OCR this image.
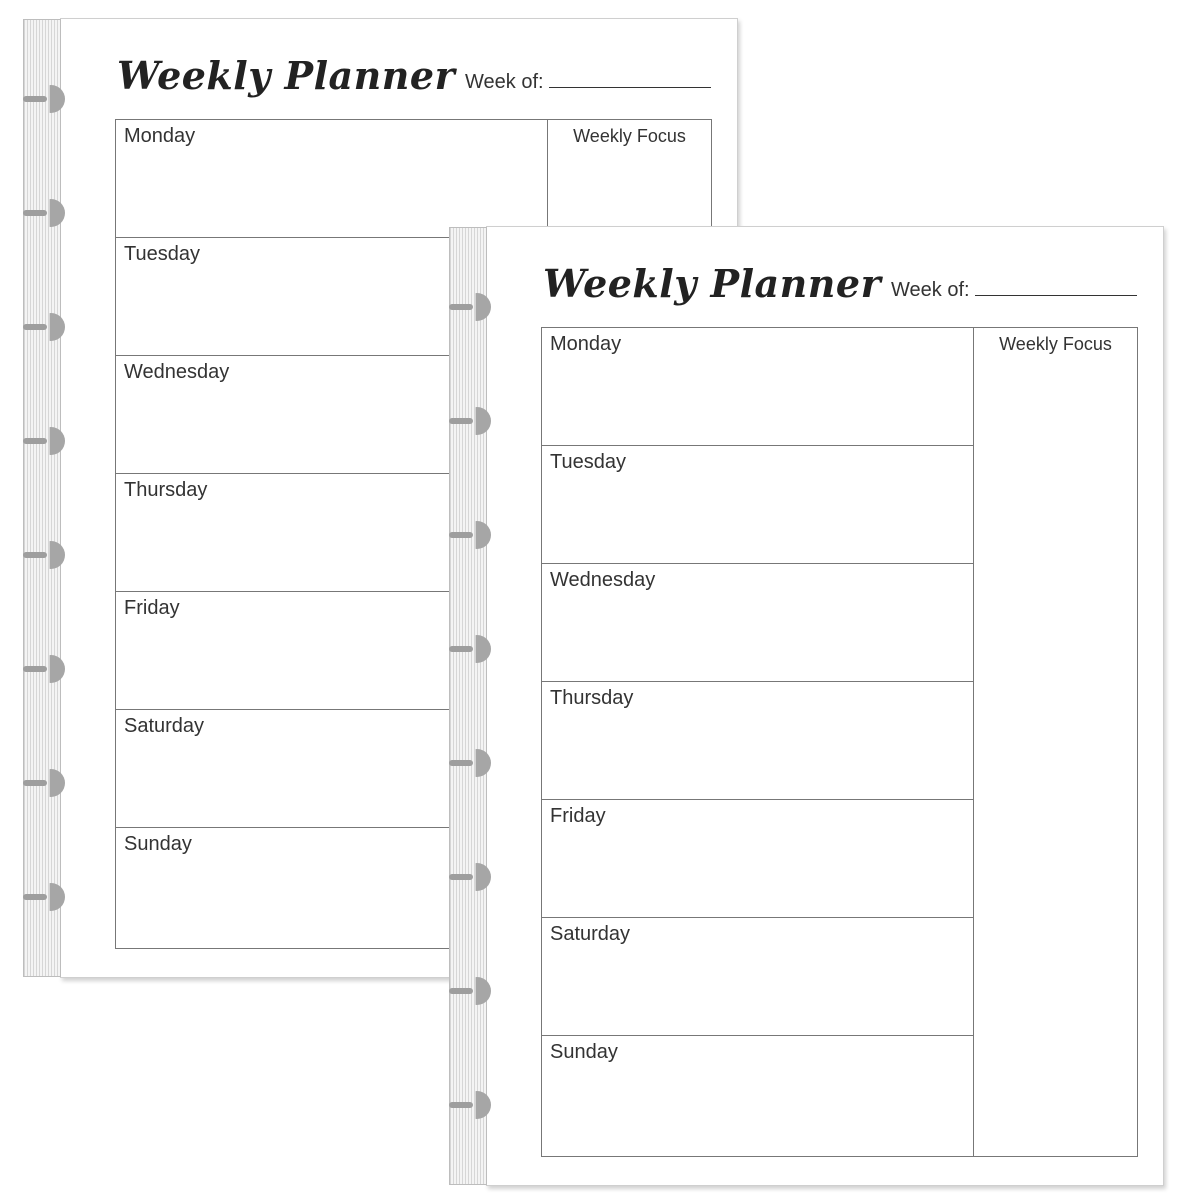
Weekly Planner Week of:
Monday
Tuesday
Wednesday
Thursday
Friday
Saturday
Sunday
Weekly Focus
Weekly Planner Week of:
Monday
Tuesday
Wednesday
Thursday
Friday
Saturday
Sunday
Weekly Focus
